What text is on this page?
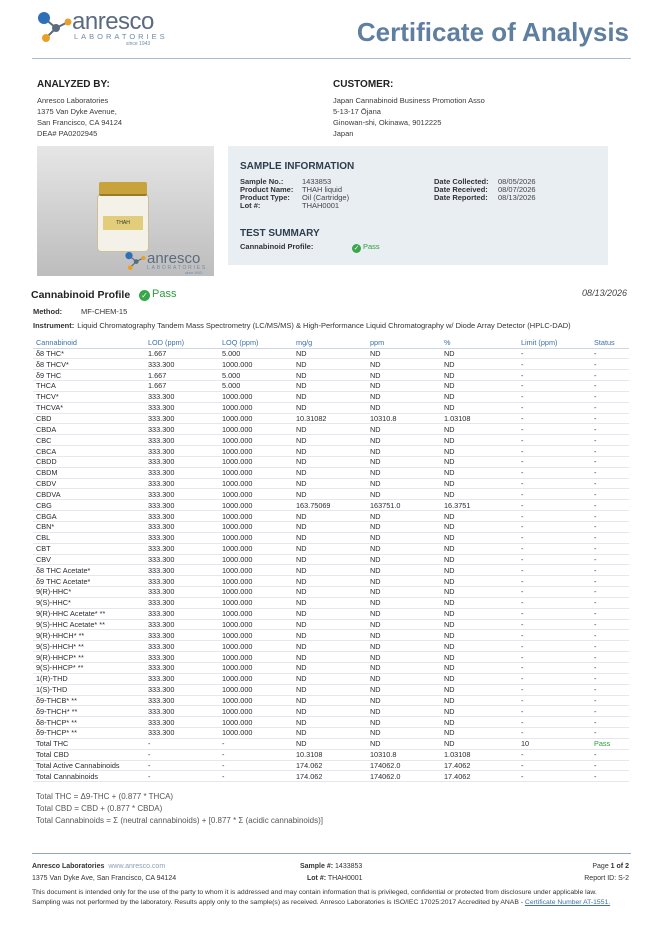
anresco
LABORATORIES
since 1943	Certificate of Analysis
ANALYZED BY:
Anresco Laboratories
1375 Van Dyke Avenue,
San Francisco, CA 94124
DEA# PA0202945
CUSTOMER:
Japan Cannabinoid Business Promotion Asso
5-13-17 Ōjana
Ginowan-shi, Okinawa, 9012225
Japan
THAH
anresco
LABORATORIES
since 1943
SAMPLE INFORMATION
Sample No.: 1433853
Product Name: THAH liquid
Product Type: Oil (Cartridge)
Lot #:	THAH0001
Date Collected: 08/05/2026
Date Received: 08/07/2026
Date Reported: 08/13/2026
TEST SUMMARY
Cannabinoid Profile:	✓ Pass
Cannabinoid Profile ✓ Pass	08/13/2026
Method:	MF-CHEM-15
Instrument: Liquid Chromatography Tandem Mass Spectrometry (LC/MS/MS) & High-Performance Liquid Chromatography w/ Diode Array Detector (HPLC-DAD)
Cannabinoid	LOD (ppm)	LOQ (ppm)	mg/g	ppm	%	Limit (ppm)	Status
δ8 THC*	1.667	5.000	ND	ND	ND	-	-
δ8 THCV*	333.300	1000.000	ND	ND	ND	-	-
δ9 THC	1.667	5.000	ND	ND	ND	-	-
THCA	1.667	5.000	ND	ND	ND	-	-
THCV*	333.300	1000.000	ND	ND	ND	-	-
THCVA*	333.300	1000.000	ND	ND	ND	-	-
CBD	333.300	1000.000	10.31082	10310.8	1.03108	-	-
CBDA	333.300	1000.000	ND	ND	ND	-	-
CBC	333.300	1000.000	ND	ND	ND	-	-
CBCA	333.300	1000.000	ND	ND	ND	-	-
CBDD	333.300	1000.000	ND	ND	ND	-	-
CBDM	333.300	1000.000	ND	ND	ND	-	-
CBDV	333.300	1000.000	ND	ND	ND	-	-
CBDVA	333.300	1000.000	ND	ND	ND	-	-
CBG	333.300	1000.000	163.75069	163751.0	16.3751	-	-
CBGA	333.300	1000.000	ND	ND	ND	-	-
CBN*	333.300	1000.000	ND	ND	ND	-	-
CBL	333.300	1000.000	ND	ND	ND	-	-
CBT	333.300	1000.000	ND	ND	ND	-	-
CBV	333.300	1000.000	ND	ND	ND	-	-
δ8 THC Acetate*	333.300	1000.000	ND	ND	ND	-	-
δ9 THC Acetate*	333.300	1000.000	ND	ND	ND	-	-
9(R)-HHC*	333.300	1000.000	ND	ND	ND	-	-
9(S)-HHC*	333.300	1000.000	ND	ND	ND	-	-
9(R)-HHC Acetate* **	333.300	1000.000	ND	ND	ND	-	-
9(S)-HHC Acetate* **	333.300	1000.000	ND	ND	ND	-	-
9(R)-HHCH* **	333.300	1000.000	ND	ND	ND	-	-
9(S)-HHCH* **	333.300	1000.000	ND	ND	ND	-	-
9(R)-HHCP* **	333.300	1000.000	ND	ND	ND	-	-
9(S)-HHCP* **	333.300	1000.000	ND	ND	ND	-	-
1(R)-THD	333.300	1000.000	ND	ND	ND	-	-
1(S)-THD	333.300	1000.000	ND	ND	ND	-	-
δ9-THCB* **	333.300	1000.000	ND	ND	ND	-	-
δ9-THCH* **	333.300	1000.000	ND	ND	ND	-	-
δ8-THCP* **	333.300	1000.000	ND	ND	ND	-	-
δ9-THCP* **	333.300	1000.000	ND	ND	ND	-	-
Total THC	-	-	ND	ND	ND	10	Pass
Total CBD	-	-	10.3108	10310.8	1.03108	-	-
Total Active Cannabinoids	-	-	174.062	174062.0	17.4062	-	-
Total Cannabinoids	-	-	174.062	174062.0	17.4062	-	-
Total THC = Δ9-THC + (0.877 * THCA)
Total CBD = CBD + (0.877 * CBDA)
Total Cannabinoids = Σ (neutral cannabinoids) + [0.877 * Σ (acidic cannabinoids)]
Anresco Laboratories www.anresco.com
1375 Van Dyke Ave, San Francisco, CA 94124
Sample #: 1433853
Lot #: THAH0001
Page 1 of 2
Report ID: S-2
This document is intended only for the use of the party to whom it is addressed and may contain information that is privileged, confidential or protected from disclosure under applicable law. Sampling was not performed by the laboratory. Results apply only to the sample(s) as received. Anresco Laboratories is ISO/IEC 17025:2017 Accredited by ANAB - Certificate Number AT-1551.
